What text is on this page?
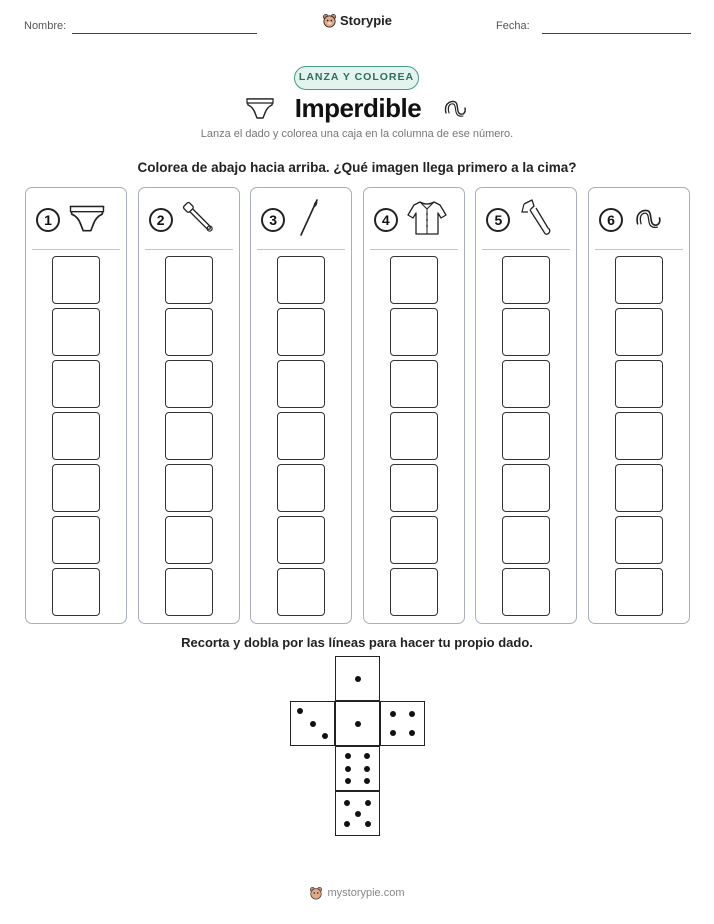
Nombre:	Fecha:
Storypie
LANZA Y COLOREA
Imperdible
Lanza el dado y colorea una caja en la columna de ese número.
Colorea de abajo hacia arriba. ¿Qué imagen llega primero a la cima?
1	2	3	4	5	6
Recorta y dobla por las líneas para hacer tu propio dado.
mystorypie.com
